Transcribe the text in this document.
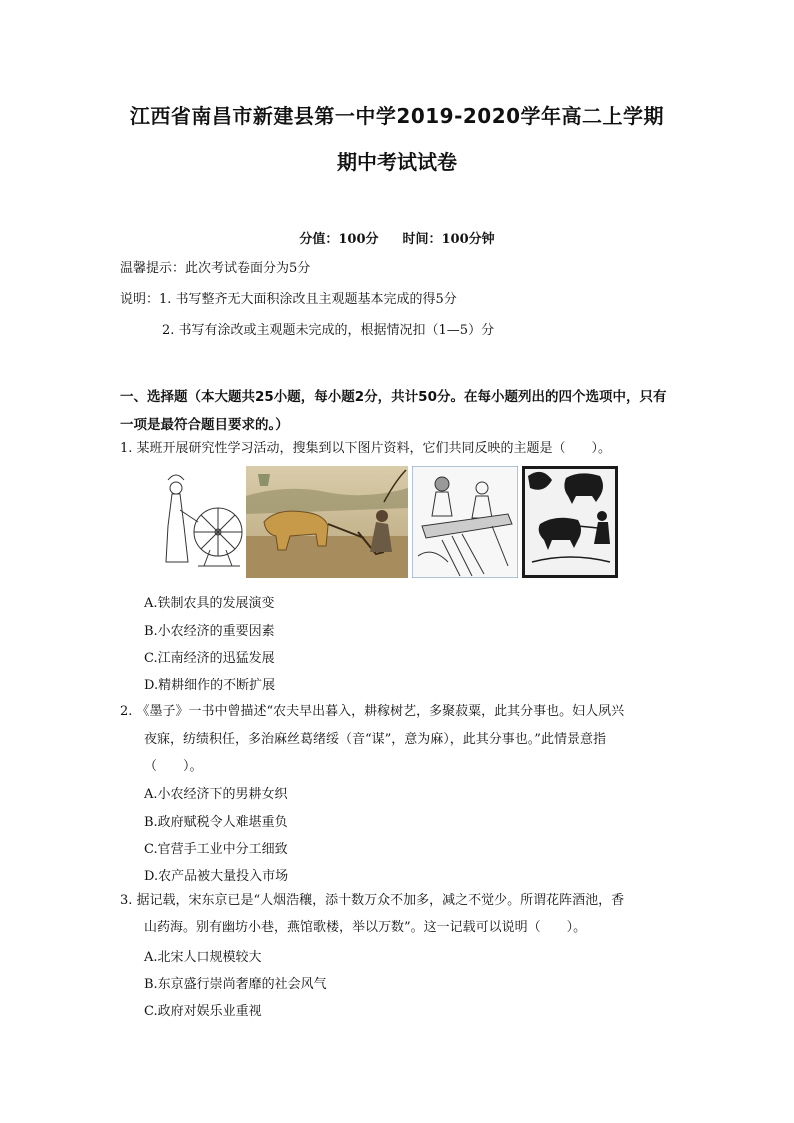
江西省南昌市新建县第一中学2019-2020学年高二上学期
期中考试试卷
分值：100分 时间：100分钟
温馨提示：此次考试卷面分为5分
说明：1. 书写整齐无大面积涂改且主观题基本完成的得5分
2. 书写有涂改或主观题未完成的，根据情况扣（1—5）分
一、选择题（本大题共25小题，每小题2分，共计50分。在每小题列出的四个选项中，只有
一项是最符合题目要求的。）
1. 某班开展研究性学习活动，搜集到以下图片资料，它们共同反映的主题是（　　）。
A.铁制农具的发展演变
B.小农经济的重要因素
C.江南经济的迅猛发展
D.精耕细作的不断扩展
2. 《墨子》一书中曾描述“农夫早出暮入，耕稼树艺，多聚菽粟，此其分事也。妇人夙兴
夜寐，纺绩积任，多治麻丝葛绪绥（音“谋”，意为麻），此其分事也。”此情景意指
（　　）。
A.小农经济下的男耕女织
B.政府赋税令人难堪重负
C.官营手工业中分工细致
D.农产品被大量投入市场
3. 据记载，宋东京已是“人烟浩穰，添十数万众不加多，减之不觉少。所谓花阵酒池，香
山药海。别有幽坊小巷，燕馆歌楼，举以万数”。这一记载可以说明（　　）。
A.北宋人口规模较大
B.东京盛行崇尚奢靡的社会风气
C.政府对娱乐业重视
